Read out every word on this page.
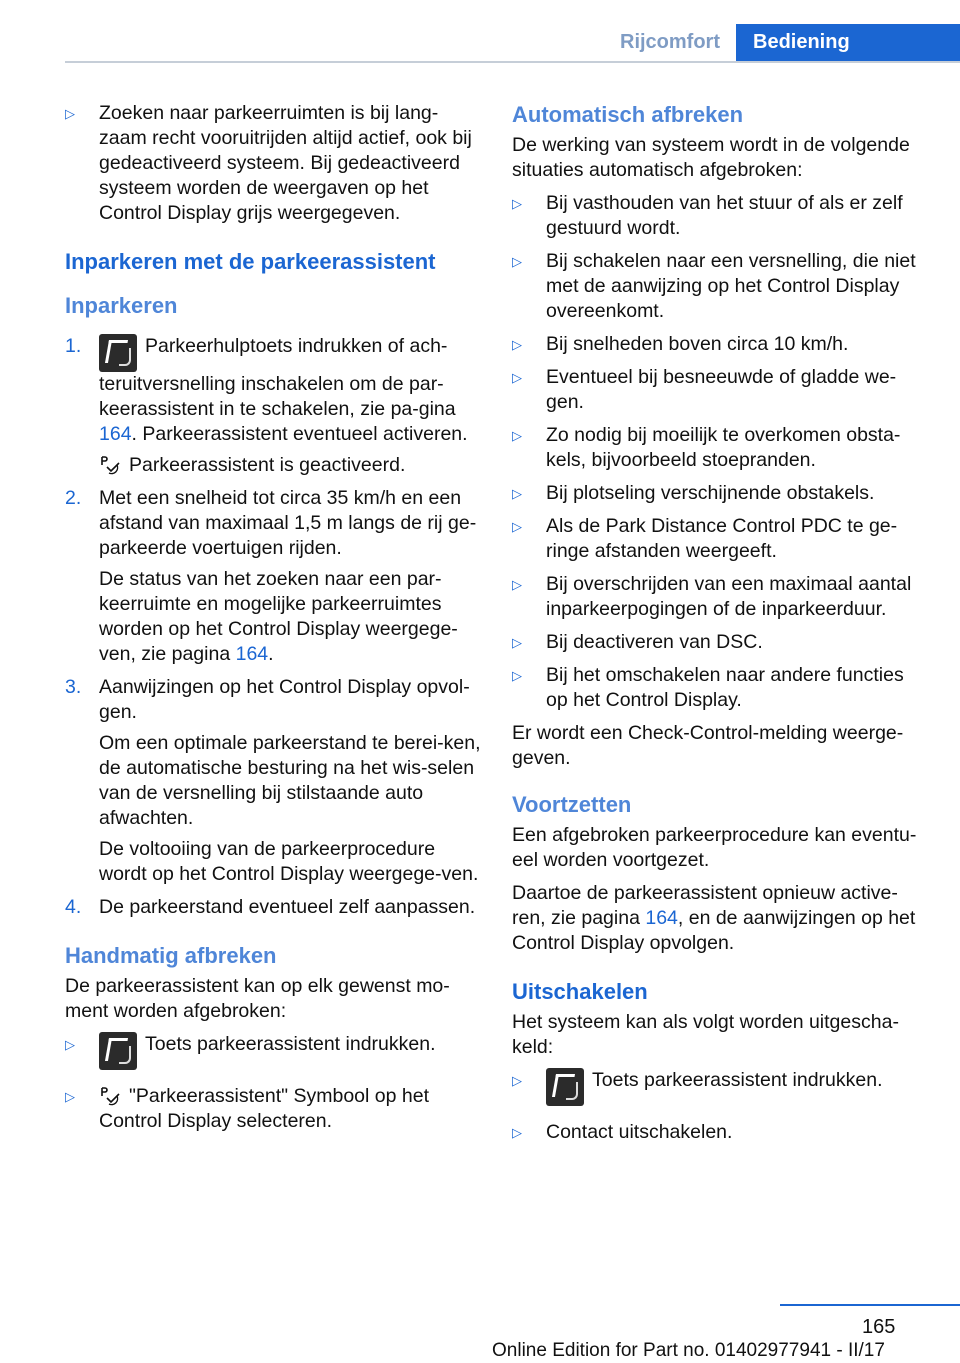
Rijcomfort	Bediening
▷ Zoeken naar parkeerruimten is bij lang‐zaam recht vooruitrijden altijd actief, ook bij gedeactiveerd systeem. Bij gedeactiveerd systeem worden de weergaven op het Control Display grijs weergegeven.
Inparkeren met de parkeerassistent
Inparkeren
1.	Parkeerhulptoets indrukken of ach‐teruitversnelling inschakelen om de par‐keerassistent in te schakelen, zie pa‐gina 164. Parkeerassistent eventueel activeren.
Parkeerassistent is geactiveerd.
2. Met een snelheid tot circa 35 km/h en een afstand van maximaal 1,5 m langs de rij ge‐parkeerde voertuigen rijden.
De status van het zoeken naar een par‐keerruimte en mogelijke parkeerruimtes worden op het Control Display weergege‐ven, zie pagina 164.
3. Aanwijzingen op het Control Display opvol‐gen.
Om een optimale parkeerstand te berei‐ken, de automatische besturing na het wis‐selen van de versnelling bij stilstaande auto afwachten.
De voltooiing van de parkeerprocedure wordt op het Control Display weergege‐ven.
4. De parkeerstand eventueel zelf aanpassen.
Handmatig afbreken
De parkeerassistent kan op elk gewenst mo‐ment worden afgebroken:
▷	Toets parkeerassistent indrukken.
▷	"Parkeerassistent" Symbool op het Control Display selecteren.
Automatisch afbreken
De werking van systeem wordt in de volgende situaties automatisch afgebroken:
▷ Bij vasthouden van het stuur of als er zelf gestuurd wordt.
▷ Bij schakelen naar een versnelling, die niet met de aanwijzing op het Control Display overeenkomt.
▷ Bij snelheden boven circa 10 km/h.
▷ Eventueel bij besneeuwde of gladde we‐gen.
▷ Zo nodig bij moeilijk te overkomen obsta‐kels, bijvoorbeeld stoepranden.
▷ Bij plotseling verschijnende obstakels.
▷ Als de Park Distance Control PDC te ge‐ringe afstanden weergeeft.
▷ Bij overschrijden van een maximaal aantal inparkeerpogingen of de inparkeerduur.
▷ Bij deactiveren van DSC.
▷ Bij het omschakelen naar andere functies op het Control Display.
Er wordt een Check-Control-melding weerge‐geven.
Voortzetten
Een afgebroken parkeerprocedure kan eventu‐eel worden voortgezet.
Daartoe de parkeerassistent opnieuw active‐ren, zie pagina 164, en de aanwijzingen op het Control Display opvolgen.
Uitschakelen
Het systeem kan als volgt worden uitgescha‐keld:
▷	Toets parkeerassistent indrukken.
▷ Contact uitschakelen.
165
Online Edition for Part no. 01402977941 - II/17
